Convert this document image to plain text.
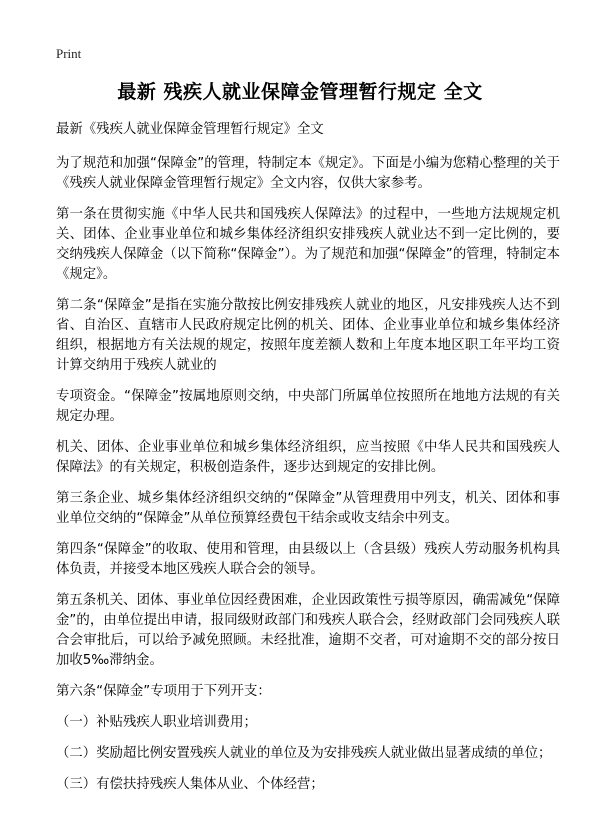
Print
最新 残疾人就业保障金管理暂行规定 全文

最新《残疾人就业保障金管理暂行规定》全文

为了规范和加强“保障金”的管理，特制定本《规定》。下面是小编为您精心整理的关于《残疾人就业保障金管理暂行规定》全文内容，仅供大家参考。

第一条在贯彻实施《中华人民共和国残疾人保障法》的过程中，一些地方法规规定机关、团体、企业事业单位和城乡集体经济组织安排残疾人就业达不到一定比例的，要交纳残疾人保障金（以下简称“保障金”）。为了规范和加强“保障金”的管理，特制定本《规定》。

第二条“保障金”是指在实施分散按比例安排残疾人就业的地区，凡安排残疾人达不到省、自治区、直辖市人民政府规定比例的机关、团体、企业事业单位和城乡集体经济组织，根据地方有关法规的规定，按照年度差额人数和上年度本地区职工年平均工资计算交纳用于残疾人就业的

专项资金。“保障金”按属地原则交纳，中央部门所属单位按照所在地地方法规的有关规定办理。

机关、团体、企业事业单位和城乡集体经济组织，应当按照《中华人民共和国残疾人保障法》的有关规定，积极创造条件，逐步达到规定的安排比例。

第三条企业、城乡集体经济组织交纳的“保障金”从管理费用中列支，机关、团体和事业单位交纳的“保障金”从单位预算经费包干结余或收支结余中列支。

第四条“保障金”的收取、使用和管理，由县级以上（含县级）残疾人劳动服务机构具体负责，并接受本地区残疾人联合会的领导。

第五条机关、团体、事业单位因经费困难，企业因政策性亏损等原因，确需减免“保障金”的，由单位提出申请，报同级财政部门和残疾人联合会，经财政部门会同残疾人联合会审批后，可以给予减免照顾。未经批准，逾期不交者，可对逾期不交的部分按日加收5‰滞纳金。

第六条“保障金”专项用于下列开支：

（一）补贴残疾人职业培训费用；

（二）奖励超比例安置残疾人就业的单位及为安排残疾人就业做出显著成绩的单位；

（三）有偿扶持残疾人集体从业、个体经营；
